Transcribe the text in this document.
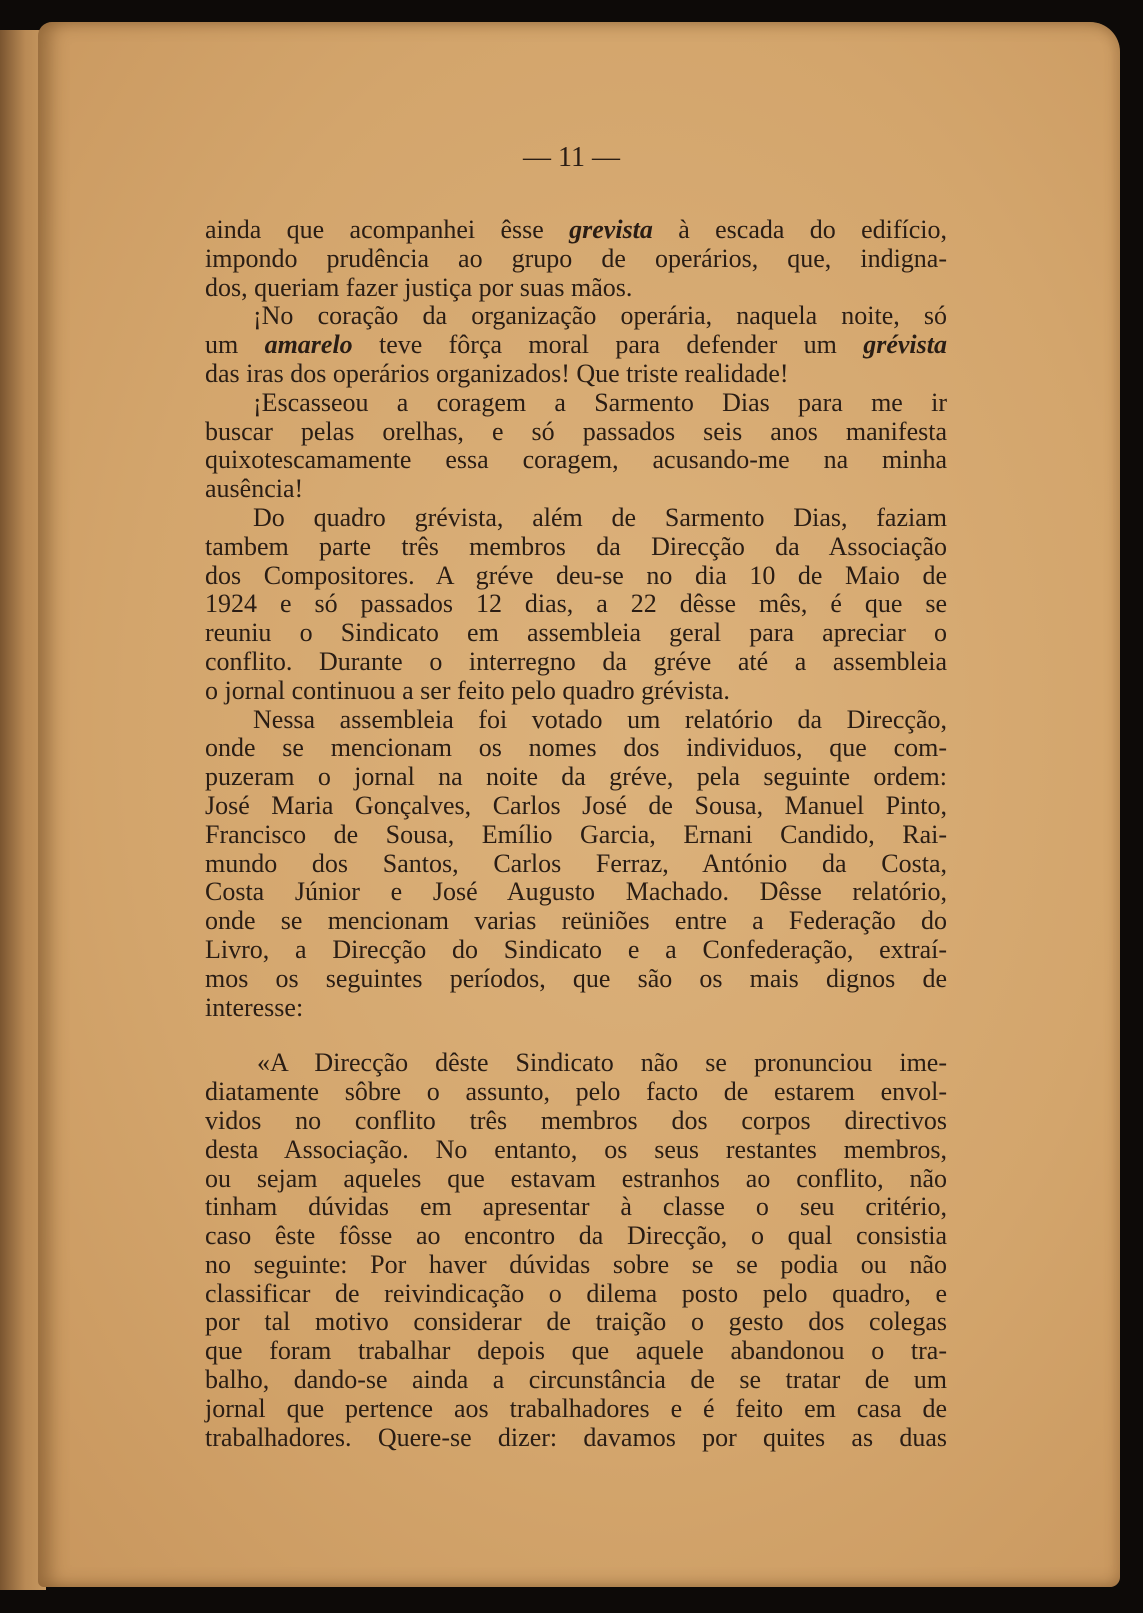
— 11 —
ainda que acompanhei êsse grevista à escada do edifício,
impondo prudência ao grupo de operários, que, indigna-
dos, queriam fazer justiça por suas mãos.
¡No coração da organização operária, naquela noite, só
um amarelo teve fôrça moral para defender um grévista
das iras dos operários organizados! Que triste realidade!
¡Escasseou a coragem a Sarmento Dias para me ir
buscar pelas orelhas, e só passados seis anos manifesta
quixotescamamente essa coragem, acusando-me na minha
ausência!
Do quadro grévista, além de Sarmento Dias, faziam
tambem parte três membros da Direcção da Associação
dos Compositores. A gréve deu-se no dia 10 de Maio de
1924 e só passados 12 dias, a 22 dêsse mês, é que se
reuniu o Sindicato em assembleia geral para apreciar o
conflito. Durante o interregno da gréve até a assembleia
o jornal continuou a ser feito pelo quadro grévista.
Nessa assembleia foi votado um relatório da Direcção,
onde se mencionam os nomes dos individuos, que com-
puzeram o jornal na noite da gréve, pela seguinte ordem:
José Maria Gonçalves, Carlos José de Sousa, Manuel Pinto,
Francisco de Sousa, Emílio Garcia, Ernani Candido, Rai-
mundo dos Santos, Carlos Ferraz, António da Costa,
Costa Júnior e José Augusto Machado. Dêsse relatório,
onde se mencionam varias reüniões entre a Federação do
Livro, a Direcção do Sindicato e a Confederação, extraí-
mos os seguintes períodos, que são os mais dignos de
interesse:
«A Direcção dêste Sindicato não se pronunciou ime-
diatamente sôbre o assunto, pelo facto de estarem envol-
vidos no conflito três membros dos corpos directivos
desta Associação. No entanto, os seus restantes membros,
ou sejam aqueles que estavam estranhos ao conflito, não
tinham dúvidas em apresentar à classe o seu critério,
caso êste fôsse ao encontro da Direcção, o qual consistia
no seguinte: Por haver dúvidas sobre se se podia ou não
classificar de reivindicação o dilema posto pelo quadro, e
por tal motivo considerar de traição o gesto dos colegas
que foram trabalhar depois que aquele abandonou o tra-
balho, dando-se ainda a circunstância de se tratar de um
jornal que pertence aos trabalhadores e é feito em casa de
trabalhadores. Quere-se dizer: davamos por quites as duas
